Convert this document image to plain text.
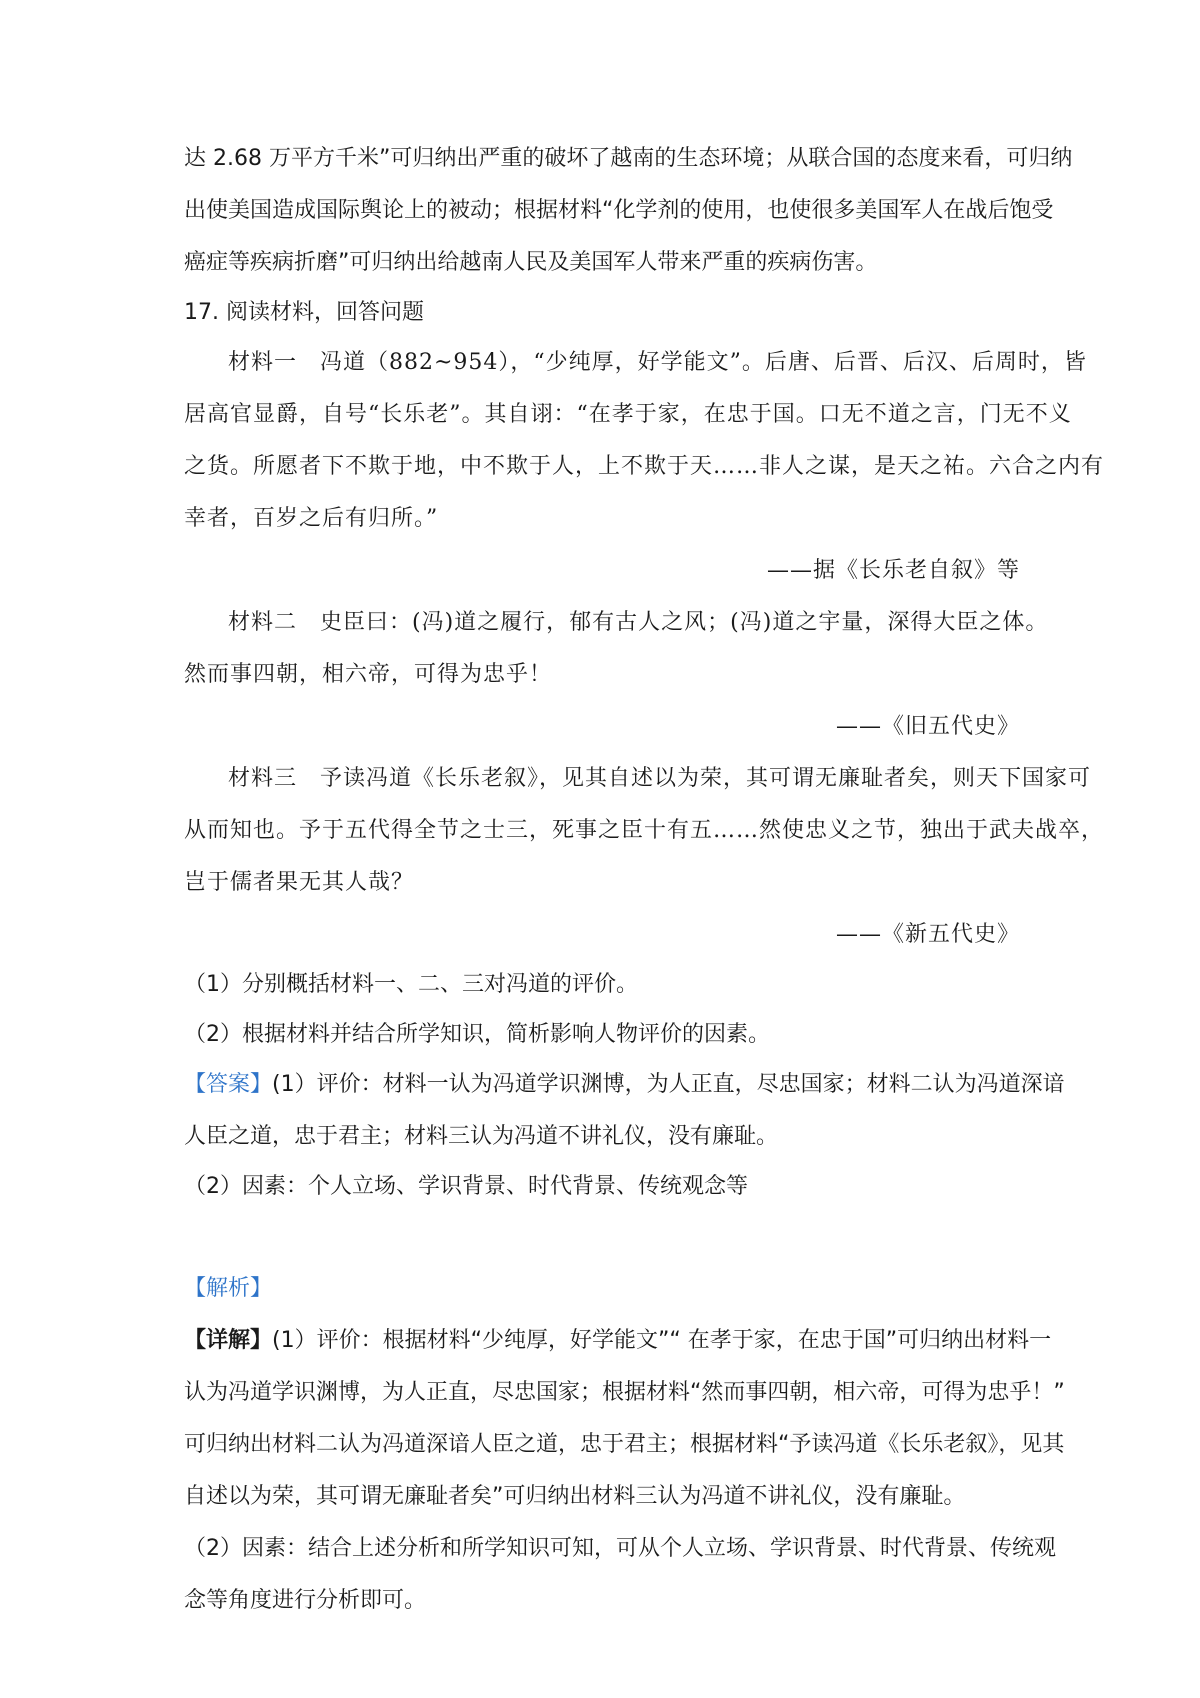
达 2.68 万平方千米”可归纳出严重的破坏了越南的生态环境；从联合国的态度来看，可归纳
出使美国造成国际舆论上的被动；根据材料“化学剂的使用，也使很多美国军人在战后饱受
癌症等疾病折磨”可归纳出给越南人民及美国军人带来严重的疾病伤害。
17. 阅读材料，回答问题
材料一　冯道（882~954），“少纯厚，好学能文”。后唐、后晋、后汉、后周时，皆
居高官显爵，自号“长乐老”。其自诩：“在孝于家，在忠于国。口无不道之言，门无不义
之货。所愿者下不欺于地，中不欺于人，上不欺于天……非人之谋，是天之祐。六合之内有
幸者，百岁之后有归所。”
——据《长乐老自叙》等
材料二　史臣曰：(冯)道之履行，郁有古人之风；(冯)道之宇量，深得大臣之体。
然而事四朝，相六帝，可得为忠乎！
——《旧五代史》
材料三　予读冯道《长乐老叙》，见其自述以为荣，其可谓无廉耻者矣，则天下国家可
从而知也。予于五代得全节之士三，死事之臣十有五……然使忠义之节，独出于武夫战卒，
岂于儒者果无其人哉？
——《新五代史》
（1）分别概括材料一、二、三对冯道的评价。
（2）根据材料并结合所学知识，简析影响人物评价的因素。
【答案】(1）评价：材料一认为冯道学识渊博，为人正直，尽忠国家；材料二认为冯道深谙
人臣之道，忠于君主；材料三认为冯道不讲礼仪，没有廉耻。
（2）因素：个人立场、学识背景、时代背景、传统观念等
【解析】
【详解】(1）评价：根据材料“少纯厚，好学能文”“ 在孝于家，在忠于国”可归纳出材料一
认为冯道学识渊博，为人正直，尽忠国家；根据材料“然而事四朝，相六帝，可得为忠乎！”
可归纳出材料二认为冯道深谙人臣之道，忠于君主；根据材料“予读冯道《长乐老叙》，见其
自述以为荣，其可谓无廉耻者矣”可归纳出材料三认为冯道不讲礼仪，没有廉耻。
（2）因素：结合上述分析和所学知识可知，可从个人立场、学识背景、时代背景、传统观
念等角度进行分析即可。
